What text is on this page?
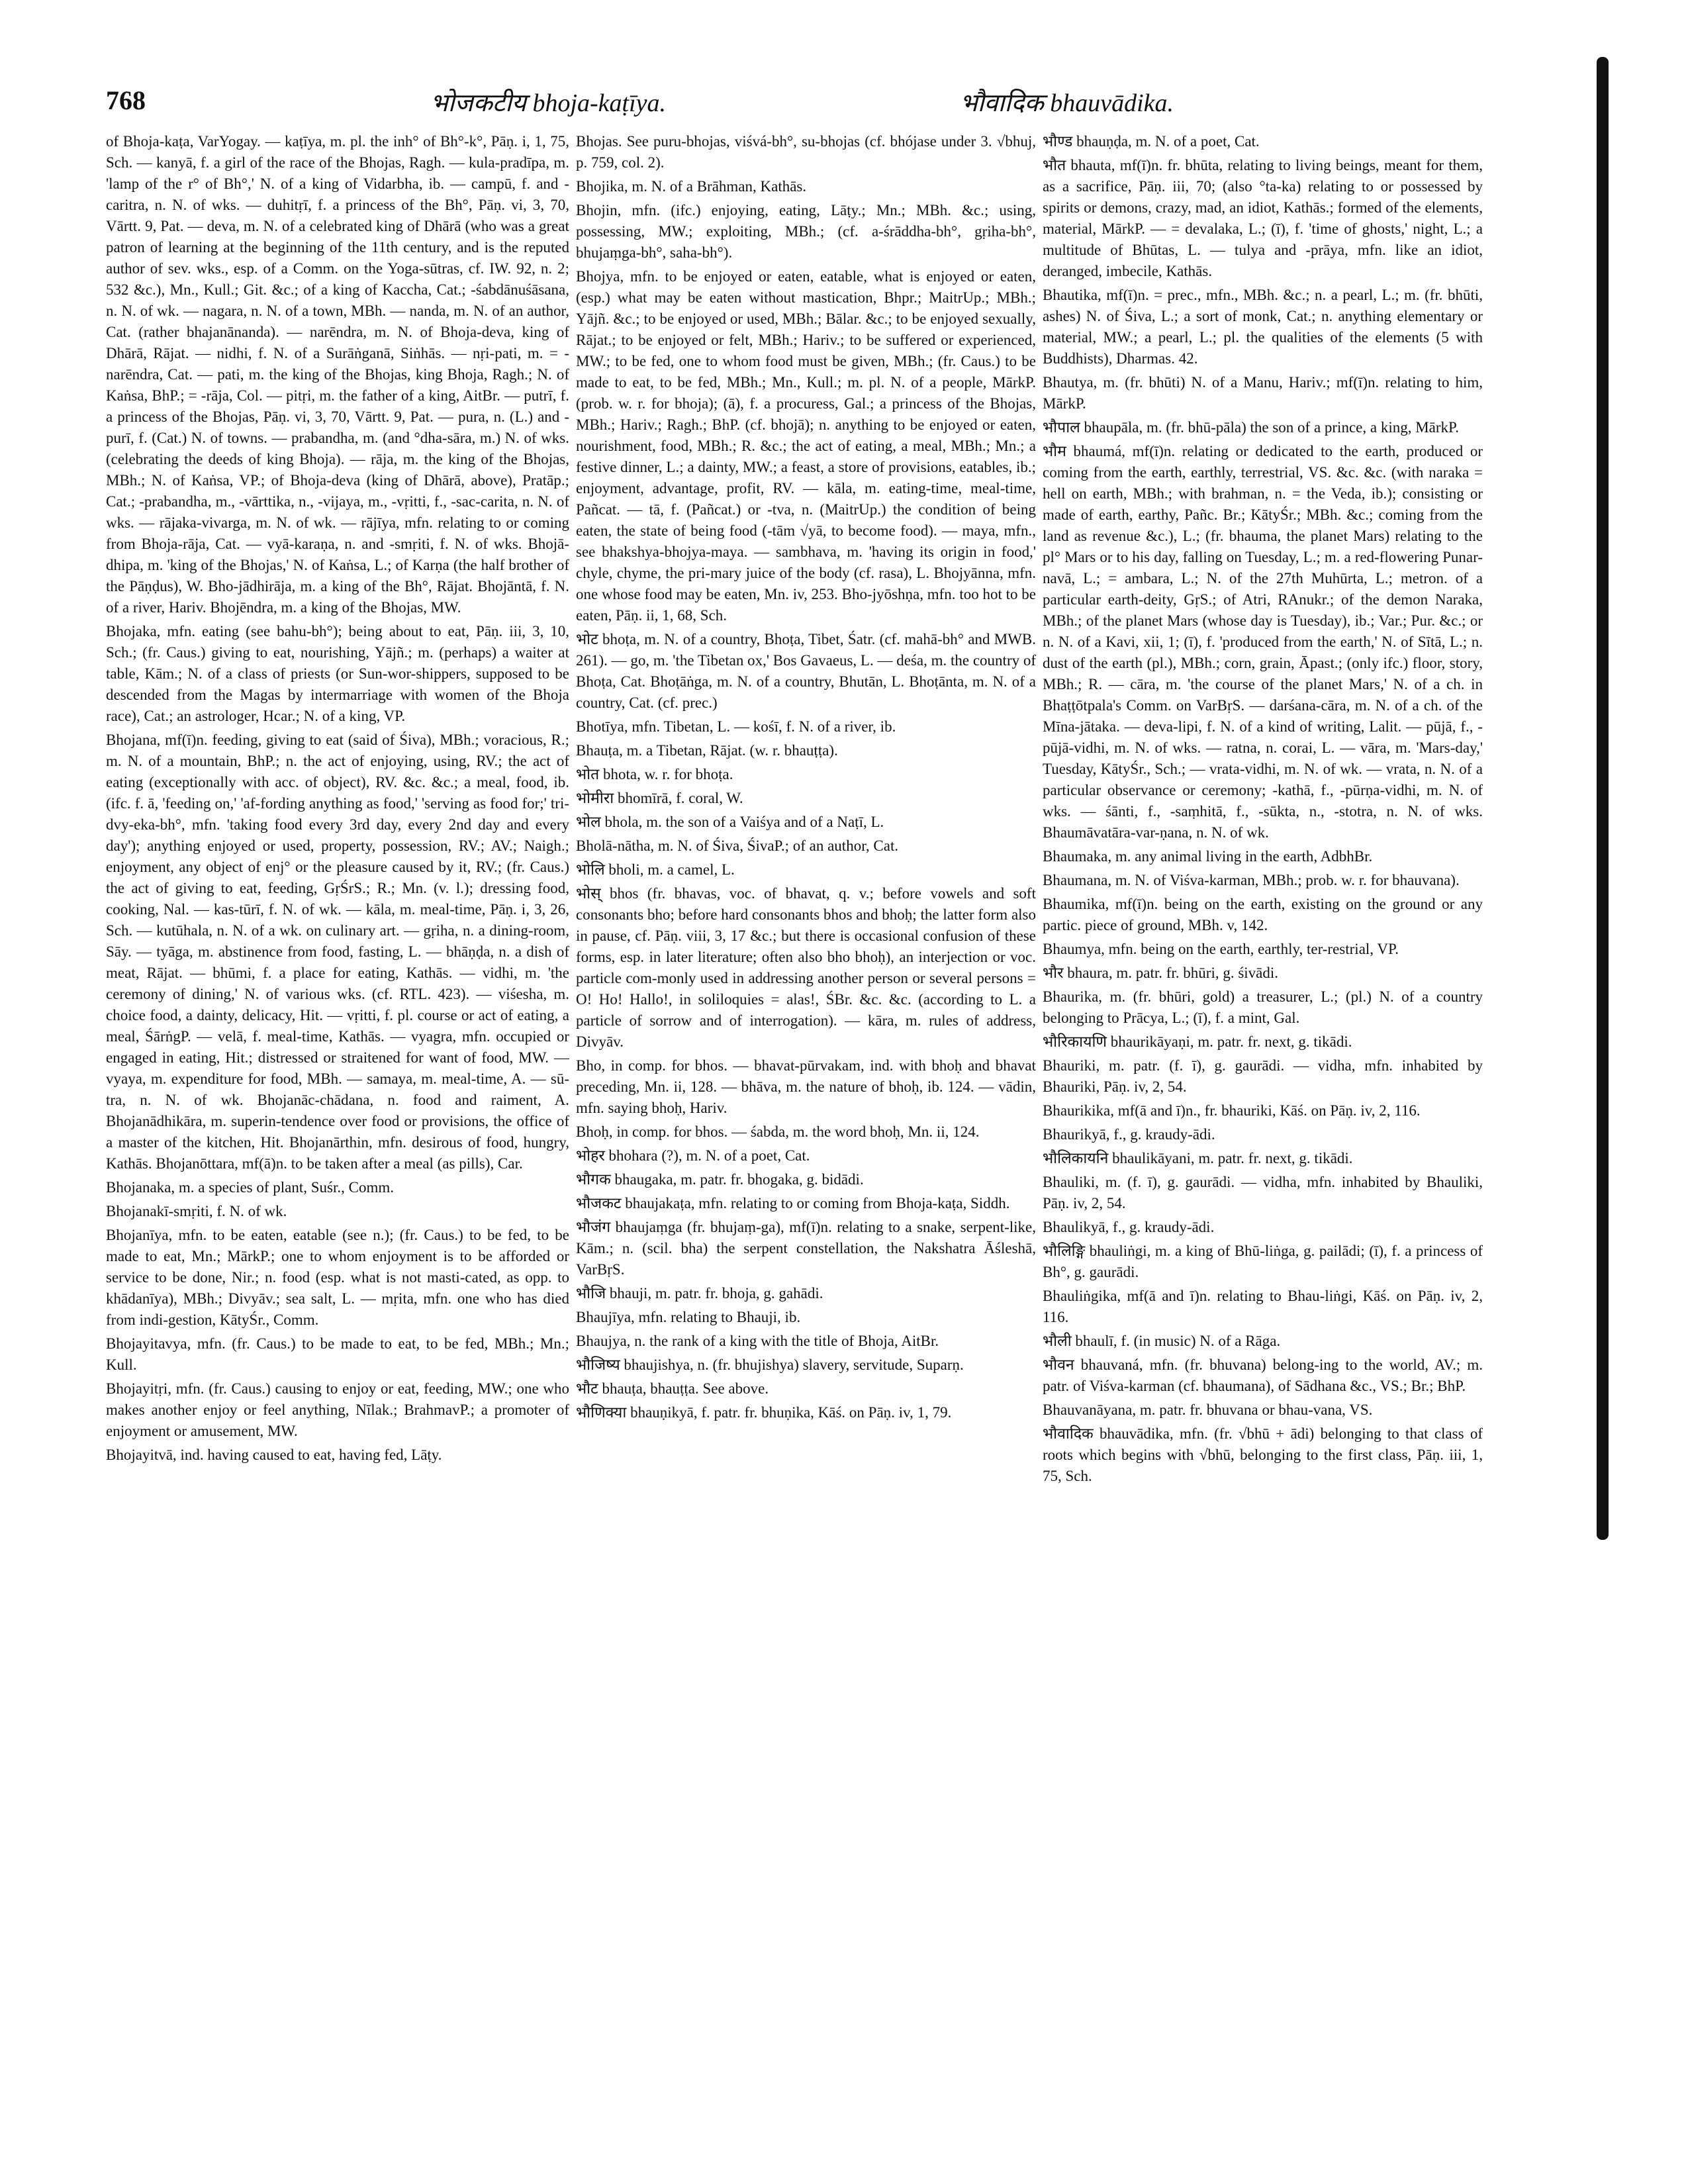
768	भोजकटीय bhoja-kaṭīya.	भौवादिक bhauvādika.

of Bhoja-kaṭa, VarYogay. — kaṭīya, m. pl. the inh° of Bh°-k°, Pāṇ. i, 1, 75, Sch. — kanyā, f. a girl of the race of the Bhojas, Ragh. — kula-pradīpa, m. 'lamp of the r° of Bh°,' N. of a king of Vidarbha, ib. — campū, f. and -caritra, n. N. of wks. — duhitṛī, f. a princess of the Bh°, Pāṇ. vi, 3, 70, Vārtt. 9, Pat. — deva, m. N. of a celebrated king of Dhārā (who was a great patron of learning at the beginning of the 11th century, and is the reputed author of sev. wks., esp. of a Comm. on the Yoga-sūtras, cf. IW. 92, n. 2; 532 &c.), Mn., Kull.; Git. &c.; of a king of Kaccha, Cat.; -śabdānuśāsana, n. N. of wk. — nagara, n. N. of a town, MBh. — nanda, m. N. of an author, Cat. (rather bhajanānanda). — narēndra, m. N. of Bhoja-deva, king of Dhārā, Rājat. — nidhi, f. N. of a Surāṅganā, Siṅhās. — nṛi-pati, m. = -narēndra, Cat. — pati, m. the king of the Bhojas, king Bhoja, Ragh.; N. of Kaṅsa, BhP.; = -rāja, Col. — pitṛi, m. the father of a king, AitBr. — putrī, f. a princess of the Bhojas, Pāṇ. vi, 3, 70, Vārtt. 9, Pat. — pura, n. (L.) and -purī, f. (Cat.) N. of towns. — prabandha, m. (and °dha-sāra, m.) N. of wks. (celebrating the deeds of king Bhoja). — rāja, m. the king of the Bhojas, MBh.; N. of Kaṅsa, VP.; of Bhoja-deva (king of Dhārā, above), Pratāp.; Cat.; -prabandha, m., -vārttika, n., -vijaya, m., -vṛitti, f., -sac-carita, n. N. of wks. — rājaka-vivarga, m. N. of wk. — rājīya, mfn. relating to or coming from Bhoja-rāja, Cat. — vyā-karaṇa, n. and -smṛiti, f. N. of wks. Bhojā-dhipa, m. 'king of the Bhojas,' N. of Kaṅsa, L.; of Karṇa (the half brother of the Pāṇḍus), W. Bho-jādhirāja, m. a king of the Bh°, Rājat. Bhojāntā, f. N. of a river, Hariv. Bhojēndra, m. a king of the Bhojas, MW.

Bhojaka, mfn. eating (see bahu-bh°); being about to eat, Pāṇ. iii, 3, 10, Sch.; (fr. Caus.) giving to eat, nourishing, Yājñ.; m. (perhaps) a waiter at table, Kām.; N. of a class of priests (or Sun-wor-shippers, supposed to be descended from the Magas by intermarriage with women of the Bhoja race), Cat.; an astrologer, Hcar.; N. of a king, VP.

Bhojana, mf(ī)n. feeding, giving to eat (said of Śiva), MBh.; voracious, R.; m. N. of a mountain, BhP.; n. the act of enjoying, using, RV.; the act of eating (exceptionally with acc. of object), RV. &c. &c.; a meal, food, ib. (ifc. f. ā, 'feeding on,' 'af-fording anything as food,' 'serving as food for;' tri-dvy-eka-bh°, mfn. 'taking food every 3rd day, every 2nd day and every day'); anything enjoyed or used, property, possession, RV.; AV.; Naigh.; enjoyment, any object of enj° or the pleasure caused by it, RV.; (fr. Caus.) the act of giving to eat, feeding, GṛŚrS.; R.; Mn. (v. l.); dressing food, cooking, Nal. — kas-tūrī, f. N. of wk. — kāla, m. meal-time, Pāṇ. i, 3, 26, Sch. — kutūhala, n. N. of a wk. on culinary art. — gṛiha, n. a dining-room, Sāy. — tyāga, m. abstinence from food, fasting, L. — bhāṇḍa, n. a dish of meat, Rājat. — bhūmi, f. a place for eating, Kathās. — vidhi, m. 'the ceremony of dining,' N. of various wks. (cf. RTL. 423). — viśesha, m. choice food, a dainty, delicacy, Hit. — vṛitti, f. pl. course or act of eating, a meal, ŚārṅgP. — velā, f. meal-time, Kathās. — vyagra, mfn. occupied or engaged in eating, Hit.; distressed or straitened for want of food, MW. — vyaya, m. expenditure for food, MBh. — samaya, m. meal-time, A. — sū-tra, n. N. of wk. Bhojanāc-chādana, n. food and raiment, A. Bhojanādhikāra, m. superin-tendence over food or provisions, the office of a master of the kitchen, Hit. Bhojanārthin, mfn. desirous of food, hungry, Kathās. Bhojanōttara, mf(ā)n. to be taken after a meal (as pills), Car.

Bhojanaka, m. a species of plant, Suśr., Comm.

Bhojanakī-smṛiti, f. N. of wk.

Bhojanīya, mfn. to be eaten, eatable (see n.); (fr. Caus.) to be fed, to be made to eat, Mn.; MārkP.; one to whom enjoyment is to be afforded or service to be done, Nir.; n. food (esp. what is not masti-cated, as opp. to khādanīya), MBh.; Divyāv.; sea salt, L. — mṛita, mfn. one who has died from indi-gestion, KātyŚr., Comm.

Bhojayitavya, mfn. (fr. Caus.) to be made to eat, to be fed, MBh.; Mn.; Kull.

Bhojayitṛi, mfn. (fr. Caus.) causing to enjoy or eat, feeding, MW.; one who makes another enjoy or feel anything, Nīlak.; BrahmavP.; a promoter of enjoyment or amusement, MW.

Bhojayitvā, ind. having caused to eat, having fed, Lāṭy.

Bhojas. See puru-bhojas, viśvá-bh°, su-bhojas (cf. bhójase under 3. √bhuj, p. 759, col. 2).

Bhojika, m. N. of a Brāhman, Kathās.

Bhojin, mfn. (ifc.) enjoying, eating, Lāṭy.; Mn.; MBh. &c.; using, possessing, MW.; exploiting, MBh.; (cf. a-śrāddha-bh°, gṛiha-bh°, bhujaṃga-bh°, saha-bh°).

Bhojya, mfn. to be enjoyed or eaten, eatable, what is enjoyed or eaten, (esp.) what may be eaten without mastication, Bhpr.; MaitrUp.; MBh.; Yājñ. &c.; to be enjoyed or used, MBh.; Bālar. &c.; to be enjoyed sexually, Rājat.; to be enjoyed or felt, MBh.; Hariv.; to be suffered or experienced, MW.; to be fed, one to whom food must be given, MBh.; (fr. Caus.) to be made to eat, to be fed, MBh.; Mn., Kull.; m. pl. N. of a people, MārkP. (prob. w. r. for bhoja); (ā), f. a procuress, Gal.; a princess of the Bhojas, MBh.; Hariv.; Ragh.; BhP. (cf. bhojā); n. anything to be enjoyed or eaten, nourishment, food, MBh.; R. &c.; the act of eating, a meal, MBh.; Mn.; a festive dinner, L.; a dainty, MW.; a feast, a store of provisions, eatables, ib.; enjoyment, advantage, profit, RV. — kāla, m. eating-time, meal-time, Pañcat. — tā, f. (Pañcat.) or -tva, n. (MaitrUp.) the condition of being eaten, the state of being food (-tām √yā, to become food). — maya, mfn., see bhakshya-bhojya-maya. — sambhava, m. 'having its origin in food,' chyle, chyme, the pri-mary juice of the body (cf. rasa), L. Bhojyānna, mfn. one whose food may be eaten, Mn. iv, 253. Bho-jyōshṇa, mfn. too hot to be eaten, Pāṇ. ii, 1, 68, Sch.

भोट bhoṭa, m. N. of a country, Bhoṭa, Tibet, Śatr. (cf. mahā-bh° and MWB. 261). — go, m. 'the Tibetan ox,' Bos Gavaeus, L. — deśa, m. the country of Bhoṭa, Cat. Bhoṭāṅga, m. N. of a country, Bhutān, L. Bhoṭānta, m. N. of a country, Cat. (cf. prec.)

Bhotīya, mfn. Tibetan, L. — kośī, f. N. of a river, ib.

Bhauṭa, m. a Tibetan, Rājat. (w. r. bhauṭṭa).

भोत bhota, w. r. for bhoṭa.

भोमीरा bhomīrā, f. coral, W.

भोल bhola, m. the son of a Vaiśya and of a Naṭī, L.

Bholā-nātha, m. N. of Śiva, ŚivaP.; of an author, Cat.

भोलि bholi, m. a camel, L.

भोस् bhos (fr. bhavas, voc. of bhavat, q. v.; before vowels and soft consonants bho; before hard consonants bhos and bhoḥ; the latter form also in pause, cf. Pāṇ. viii, 3, 17 &c.; but there is occasional confusion of these forms, esp. in later literature; often also bho bhoḥ), an interjection or voc. particle com-monly used in addressing another person or several persons = O! Ho! Hallo!, in soliloquies = alas!, ŚBr. &c. &c. (according to L. a particle of sorrow and of interrogation). — kāra, m. rules of address, Divyāv.

Bho, in comp. for bhos. — bhavat-pūrvakam, ind. with bhoḥ and bhavat preceding, Mn. ii, 128. — bhāva, m. the nature of bhoḥ, ib. 124. — vādin, mfn. saying bhoḥ, Hariv.

Bhoḥ, in comp. for bhos. — śabda, m. the word bhoḥ, Mn. ii, 124.

भोहर bhohara (?), m. N. of a poet, Cat.

भौगक bhaugaka, m. patr. fr. bhogaka, g. bidādi.

भौजकट bhaujakaṭa, mfn. relating to or coming from Bhoja-kaṭa, Siddh.

भौजंग bhaujaṃga (fr. bhujaṃ-ga), mf(ī)n. relating to a snake, serpent-like, Kām.; n. (scil. bha) the serpent constellation, the Nakshatra Āśleshā, VarBṛS.

भौजि bhauji, m. patr. fr. bhoja, g. gahādi.

Bhaujīya, mfn. relating to Bhauji, ib.

Bhaujya, n. the rank of a king with the title of Bhoja, AitBr.

भौजिष्य bhaujishya, n. (fr. bhujishya) slavery, servitude, Suparṇ.

भौट bhauṭa, bhauṭṭa. See above.

भौणिक्या bhauṇikyā, f. patr. fr. bhuṇika, Kāś. on Pāṇ. iv, 1, 79.

भौण्ड bhauṇḍa, m. N. of a poet, Cat.

भौत bhauta, mf(ī)n. fr. bhūta, relating to living beings, meant for them, as a sacrifice, Pāṇ. iii, 70; (also °ta-ka) relating to or possessed by spirits or demons, crazy, mad, an idiot, Kathās.; formed of the elements, material, MārkP. — = devalaka, L.; (ī), f. 'time of ghosts,' night, L.; a multitude of Bhūtas, L. — tulya and -prāya, mfn. like an idiot, deranged, imbecile, Kathās.

Bhautika, mf(ī)n. = prec., mfn., MBh. &c.; n. a pearl, L.; m. (fr. bhūti, ashes) N. of Śiva, L.; a sort of monk, Cat.; n. anything elementary or material, MW.; a pearl, L.; pl. the qualities of the elements (5 with Buddhists), Dharmas. 42.

Bhautya, m. (fr. bhūti) N. of a Manu, Hariv.; mf(ī)n. relating to him, MārkP.

भौपाल bhaupāla, m. (fr. bhū-pāla) the son of a prince, a king, MārkP.

भौम bhaumá, mf(ī)n. relating or dedicated to the earth, produced or coming from the earth, earthly, terrestrial, VS. &c. &c. (with naraka = hell on earth, MBh.; with brahman, n. = the Veda, ib.); consisting or made of earth, earthy, Pañc. Br.; KātyŚr.; MBh. &c.; coming from the land as revenue &c.), L.; (fr. bhauma, the planet Mars) relating to the pl° Mars or to his day, falling on Tuesday, L.; m. a red-flowering Punar-navā, L.; = ambara, L.; N. of the 27th Muhūrta, L.; metron. of a particular earth-deity, GṛS.; of Atri, RAnukr.; of the demon Naraka, MBh.; of the planet Mars (whose day is Tuesday), ib.; Var.; Pur. &c.; or n. N. of a Kavi, xii, 1; (ī), f. 'produced from the earth,' N. of Sītā, L.; n. dust of the earth (pl.), MBh.; corn, grain, Āpast.; (only ifc.) floor, story, MBh.; R. — cāra, m. 'the course of the planet Mars,' N. of a ch. in Bhaṭṭōtpala's Comm. on VarBṛS. — darśana-cāra, m. N. of a ch. of the Mīna-jātaka. — deva-lipi, f. N. of a kind of writing, Lalit. — pūjā, f., -pūjā-vidhi, m. N. of wks. — ratna, n. corai, L. — vāra, m. 'Mars-day,' Tuesday, KātyŚr., Sch.; — vrata-vidhi, m. N. of wk. — vrata, n. N. of a particular observance or ceremony; -kathā, f., -pūrṇa-vidhi, m. N. of wks. — śānti, f., -saṃhitā, f., -sūkta, n., -stotra, n. N. of wks. Bhaumāvatāra-var-ṇana, n. N. of wk.

Bhaumaka, m. any animal living in the earth, AdbhBr.

Bhaumana, m. N. of Viśva-karman, MBh.; prob. w. r. for bhauvana).

Bhaumika, mf(ī)n. being on the earth, existing on the ground or any partic. piece of ground, MBh. v, 142.

Bhaumya, mfn. being on the earth, earthly, ter-restrial, VP.

भौर bhaura, m. patr. fr. bhūri, g. śivādi.

Bhaurika, m. (fr. bhūri, gold) a treasurer, L.; (pl.) N. of a country belonging to Prācya, L.; (ī), f. a mint, Gal.

भौरिकायणि bhaurikāyaṇi, m. patr. fr. next, g. tikādi.

Bhauriki, m. patr. (f. ī), g. gaurādi. — vidha, mfn. inhabited by Bhauriki, Pāṇ. iv, 2, 54.

Bhaurikika, mf(ā and ī)n., fr. bhauriki, Kāś. on Pāṇ. iv, 2, 116.

Bhaurikyā, f., g. kraudy-ādi.

भौलिकायनि bhaulikāyani, m. patr. fr. next, g. tikādi.

Bhauliki, m. (f. ī), g. gaurādi. — vidha, mfn. inhabited by Bhauliki, Pāṇ. iv, 2, 54.

Bhaulikyā, f., g. kraudy-ādi.

भौलिङ्गि bhauliṅgi, m. a king of Bhū-liṅga, g. pailādi; (ī), f. a princess of Bh°, g. gaurādi.

Bhauliṅgika, mf(ā and ī)n. relating to Bhau-liṅgi, Kāś. on Pāṇ. iv, 2, 116.

भौली bhaulī, f. (in music) N. of a Rāga.

भौवन bhauvaná, mfn. (fr. bhuvana) belong-ing to the world, AV.; m. patr. of Viśva-karman (cf. bhaumana), of Sādhana &c., VS.; Br.; BhP.

Bhauvanāyana, m. patr. fr. bhuvana or bhau-vana, VS.

भौवादिक bhauvādika, mfn. (fr. √bhū + ādi) belonging to that class of roots which begins with √bhū, belonging to the first class, Pāṇ. iii, 1, 75, Sch.
